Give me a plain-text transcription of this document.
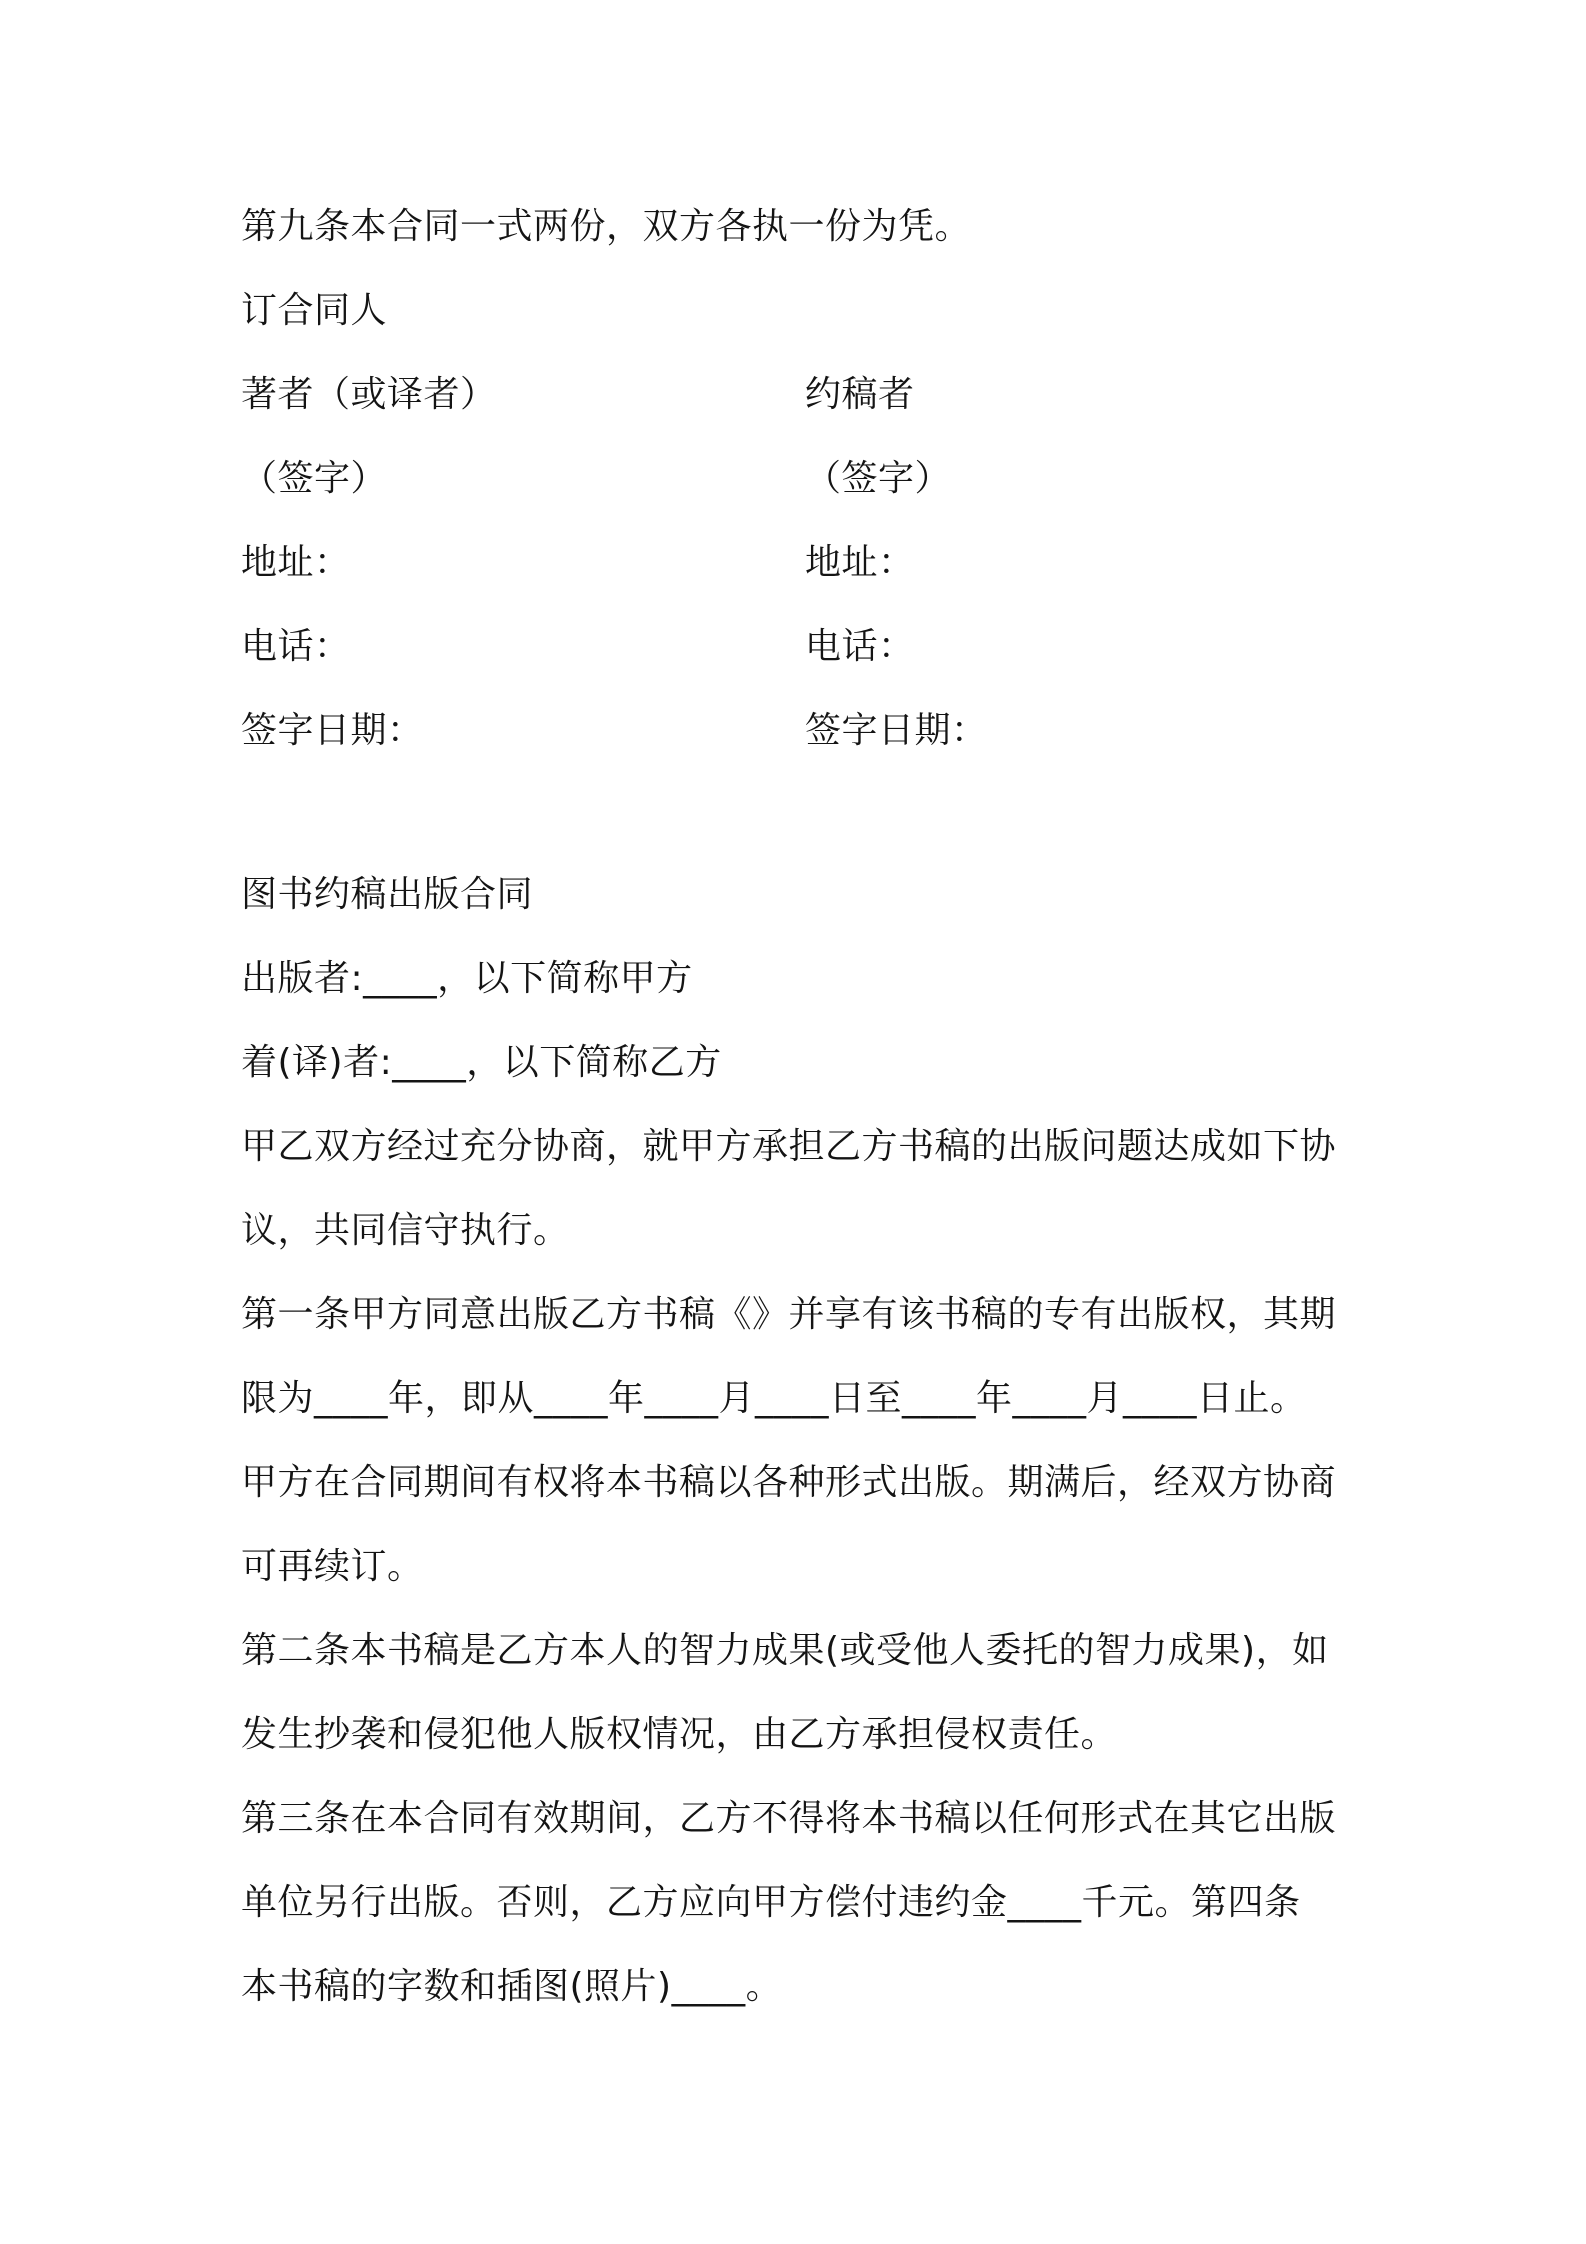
第九条本合同一式两份，双方各执一份为凭。
订合同人
著者（或译者）	约稿者
（签字）	（签字）
地址：	地址：
电话：	电话：
签字日期：	签字日期：
图书约稿出版合同
出版者:____，以下简称甲方
着(译)者:____，以下简称乙方
甲乙双方经过充分协商，就甲方承担乙方书稿的出版问题达成如下协
议，共同信守执行。
第一条甲方同意出版乙方书稿《》并享有该书稿的专有出版权，其期
限为____年，即从____年____月____日至____年____月____日止。
甲方在合同期间有权将本书稿以各种形式出版。期满后，经双方协商
可再续订。
第二条本书稿是乙方本人的智力成果(或受他人委托的智力成果)，如
发生抄袭和侵犯他人版权情况，由乙方承担侵权责任。
第三条在本合同有效期间，乙方不得将本书稿以任何形式在其它出版
单位另行出版。否则，乙方应向甲方偿付违约金____千元。第四条
本书稿的字数和插图(照片)____。
